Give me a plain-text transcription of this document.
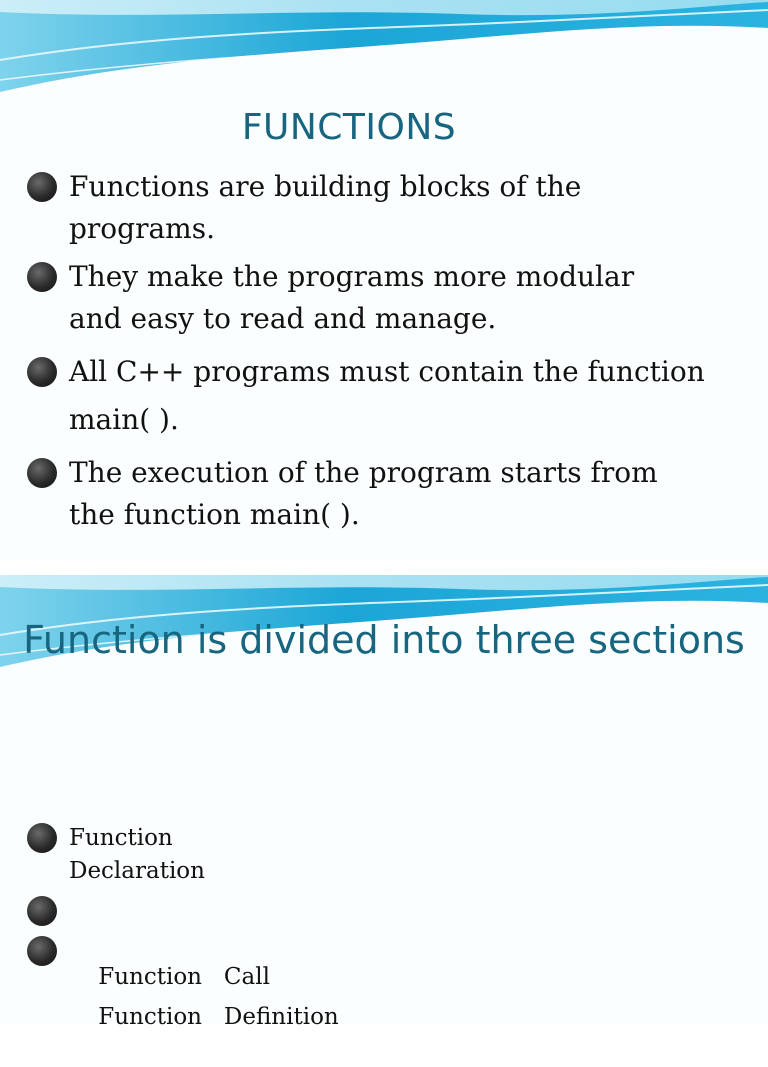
FUNCTIONS
Functions are building blocks of the programs.
They make the programs more modular and easy to read and manage.
All C++ programs must contain the function main( ).
The execution of the program starts from the function main( ).
Function is divided into three sections
Function Declaration

Function   Call

Function   Definition
